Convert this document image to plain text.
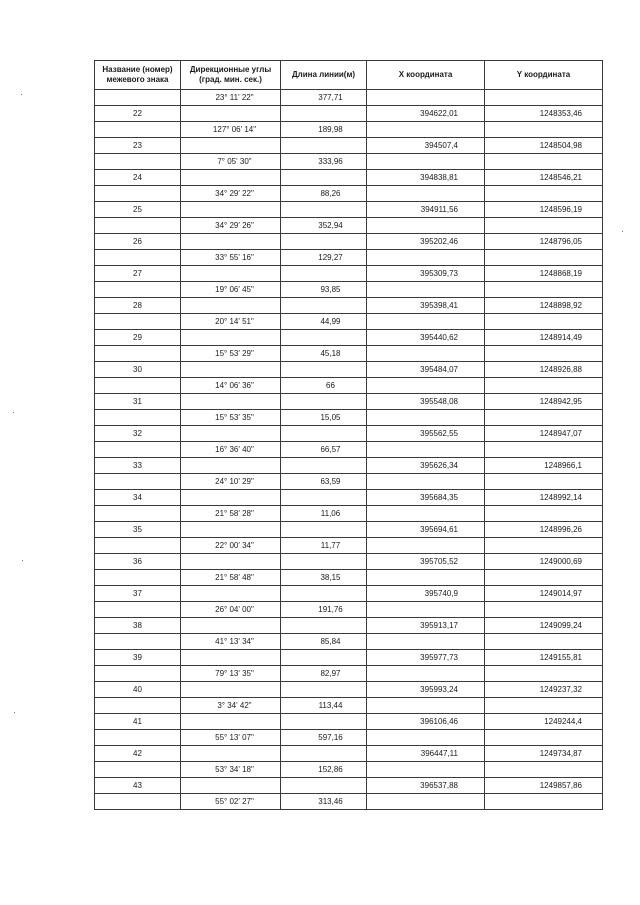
Название (номер) межевого знака	Дирекционные углы (град. мин. сек.)	Длина линии(м)	X координата	Y координата
	23° 11' 22"	377,71		
22			394622,01	1248353,46
	127° 06' 14"	189,98		
23			394507,4	1248504,98
	7° 05' 30"	333,96		
24			394838,81	1248546,21
	34° 29' 22"	88,26		
25			394911,56	1248596,19
	34° 29' 26"	352,94		
26			395202,46	1248796,05
	33° 55' 16"	129,27		
27			395309,73	1248868,19
	19° 06' 45"	93,85		
28			395398,41	1248898,92
	20° 14' 51"	44,99		
29			395440,62	1248914,49
	15° 53' 29"	45,18		
30			395484,07	1248926,88
	14° 06' 36"	66		
31			395548,08	1248942,95
	15° 53' 35"	15,05		
32			395562,55	1248947,07
	16° 36' 40"	66,57		
33			395626,34	1248966,1
	24° 10' 29"	63,59		
34			395684,35	1248992,14
	21° 58' 28"	11,06		
35			395694,61	1248996,26
	22° 00' 34"	11,77		
36			395705,52	1249000,69
	21° 58' 48"	38,15		
37			395740,9	1249014,97
	26° 04' 00"	191,76		
38			395913,17	1249099,24
	41° 13' 34"	85,84		
39			395977,73	1249155,81
	79° 13' 35"	82,97		
40			395993,24	1249237,32
	3° 34' 42"	113,44		
41			396106,46	1249244,4
	55° 13' 07"	597,16		
42			396447,11	1249734,87
	53° 34' 18"	152,86		
43			396537,88	1249857,86
	55° 02' 27"	313,46		
